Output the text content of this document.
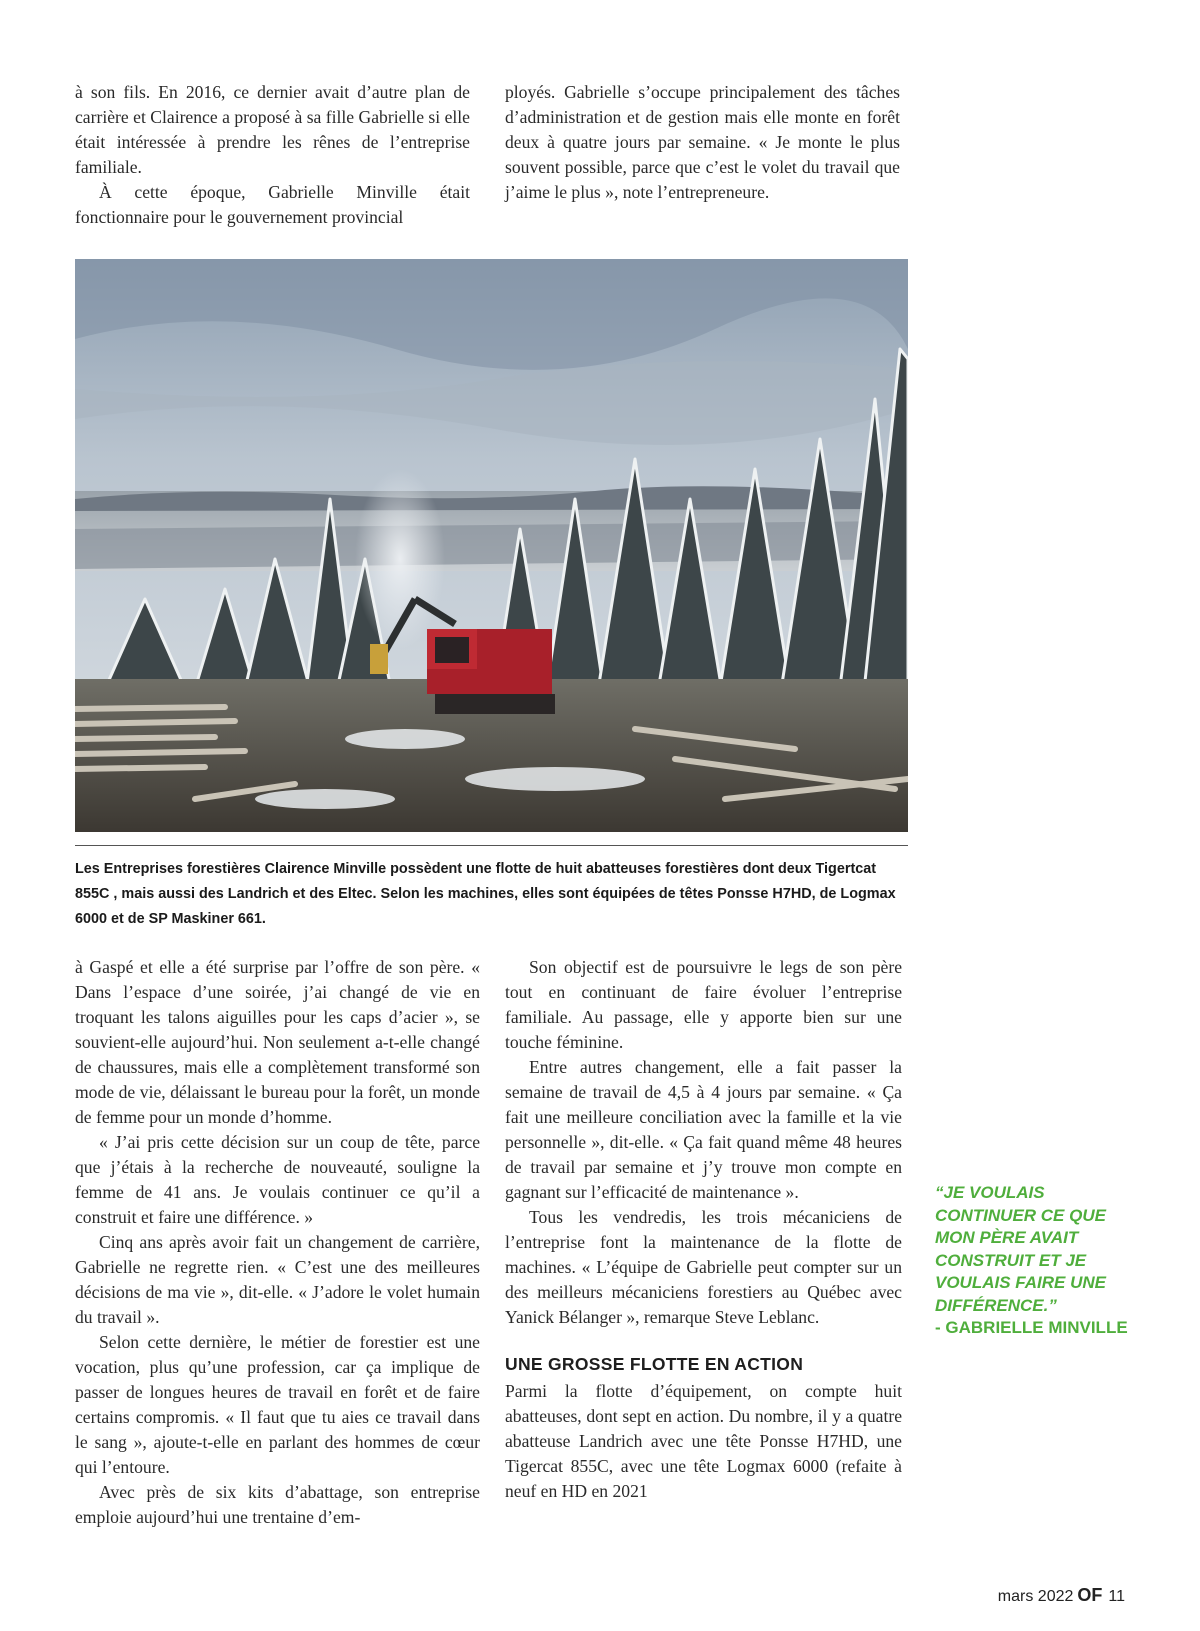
à son fils. En 2016, ce dernier avait d’autre plan de carrière et Clairence a proposé à sa fille Gabrielle si elle était intéressée à prendre les rênes de l’entreprise familiale.

À cette époque, Gabrielle Minville était fonctionnaire pour le gouvernement provincial

ployés. Gabrielle s’occupe principalement des tâches d’administration et de gestion mais elle monte en forêt deux à quatre jours par semaine. « Je monte le plus souvent possible, parce que c’est le volet du travail que j’aime le plus », note l’entrepreneure.

Les Entreprises forestières Clairence Minville possèdent une flotte de huit abatteuses forestières dont deux Tigertcat 855C , mais aussi des Landrich et des Eltec. Selon les machines, elles sont équipées de têtes Ponsse H7HD, de Logmax 6000 et de SP Maskiner 661.

à Gaspé et elle a été surprise par l’offre de son père. « Dans l’espace d’une soirée, j’ai changé de vie en troquant les talons aiguilles pour les caps d’acier », se souvient-elle aujourd’hui. Non seulement a-t-elle changé de chaussures, mais elle a complètement transformé son mode de vie, délaissant le bureau pour la forêt, un monde de femme pour un monde d’homme.

« J’ai pris cette décision sur un coup de tête, parce que j’étais à la recherche de nouveauté, souligne la femme de 41 ans. Je voulais continuer ce qu’il a construit et faire une différence. »

Cinq ans après avoir fait un changement de carrière, Gabrielle ne regrette rien. « C’est une des meilleures décisions de ma vie », dit-elle. « J’adore le volet humain du travail ».

Selon cette dernière, le métier de forestier est une vocation, plus qu’une profession, car ça implique de passer de longues heures de travail en forêt et de faire certains compromis. « Il faut que tu aies ce travail dans le sang », ajoute-t-elle en parlant des hommes de cœur qui l’entoure.

Avec près de six kits d’abattage, son entreprise emploie aujourd’hui une trentaine d’em-

Son objectif est de poursuivre le legs de son père tout en continuant de faire évoluer l’entreprise familiale. Au passage, elle y apporte bien sur une touche féminine.

Entre autres changement, elle a fait passer la semaine de travail de 4,5 à 4 jours par semaine. « Ça fait une meilleure conciliation avec la famille et la vie personnelle », dit-elle. « Ça fait quand même 48 heures de travail par semaine et j’y trouve mon compte en gagnant sur l’efficacité de maintenance ».

Tous les vendredis, les trois mécaniciens de l’entreprise font la maintenance de la flotte de machines. « L’équipe de Gabrielle peut compter sur un des meilleurs mécaniciens forestiers au Québec avec Yanick Bélanger », remarque Steve Leblanc.

UNE GROSSE FLOTTE EN ACTION

Parmi la flotte d’équipement, on compte huit abatteuses, dont sept en action. Du nombre, il y a quatre abatteuse Landrich avec une tête Ponsse H7HD, une Tigercat 855C, avec une tête Logmax 6000 (refaite à neuf en HD en 2021

“JE VOULAIS
CONTINUER CE QUE
MON PÈRE AVAIT
CONSTRUIT ET JE
VOULAIS FAIRE UNE
DIFFÉRENCE.”
- GABRIELLE MINVILLE
mars 2022 OF 11
